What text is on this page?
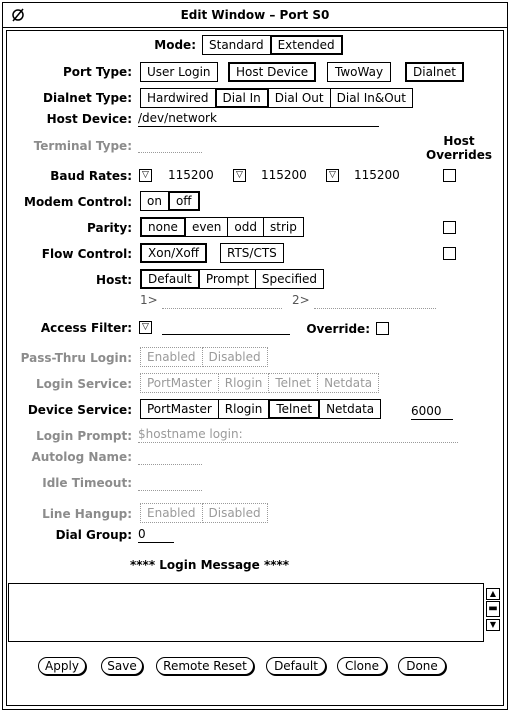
Edit Window – Port S0
Mode:	Standard	Extended
Port Type:	User Login	Host Device	TwoWay	Dialnet
Dialnet Type:	Hardwired	Dial In	Dial Out	Dial In&Out
Host Device: /dev/network
Host
Overrides
Terminal Type:
Baud Rates:	▽ 115200	▽ 115200	▽ 115200
Modem Control:	on	off
Parity:	none	even	odd	strip
Flow Control:	Xon/Xoff	RTS/CTS
Host:	Default	Prompt	Specified
1>	2>
Access Filter:	▽	Override:
Pass-Thru Login:	Enabled	Disabled
Login Service:	PortMaster	Rlogin	Telnet	Netdata
Device Service:	PortMaster	Rlogin	Telnet	Netdata	6000
Login Prompt: $hostname login:
Autolog Name:
Idle Timeout:
Line Hangup:	Enabled	Disabled
Dial Group: 0
**** Login Message ****
▲
▬
▼
Apply	Save	Remote Reset	Default	Clone	Done
